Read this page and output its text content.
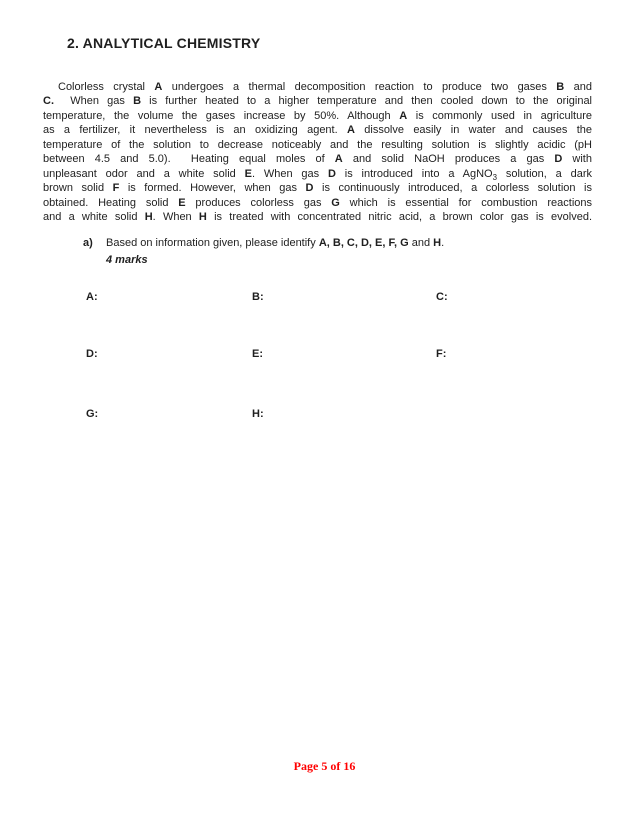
2. ANALYTICAL CHEMISTRY
Colorless crystal A undergoes a thermal decomposition reaction to produce two gases B and
C.  When gas B is further heated to a higher temperature and then cooled down to the original
temperature, the volume the gases increase by 50%. Although A is commonly used in agriculture
as a fertilizer, it nevertheless is an oxidizing agent. A dissolve easily in water and causes the
temperature of the solution to decrease noticeably and the resulting solution is slightly acidic (pH
between 4.5 and 5.0).  Heating equal moles of A and solid NaOH produces a gas D with
unpleasant odor and a white solid E. When gas D is introduced into a AgNO$_3$ solution, a dark
brown solid F is formed. However, when gas D is continuously introduced, a colorless solution is
obtained. Heating solid E produces colorless gas G which is essential for combustion reactions
and a white solid H. When H is treated with concentrated nitric acid, a brown color gas is evolved.
a) Based on information given, please identify A, B, C, D, E, F, G and H.
4 marks
A:	B:	C:
D:	E:	F:
G:	H:
Page 5 of 16
